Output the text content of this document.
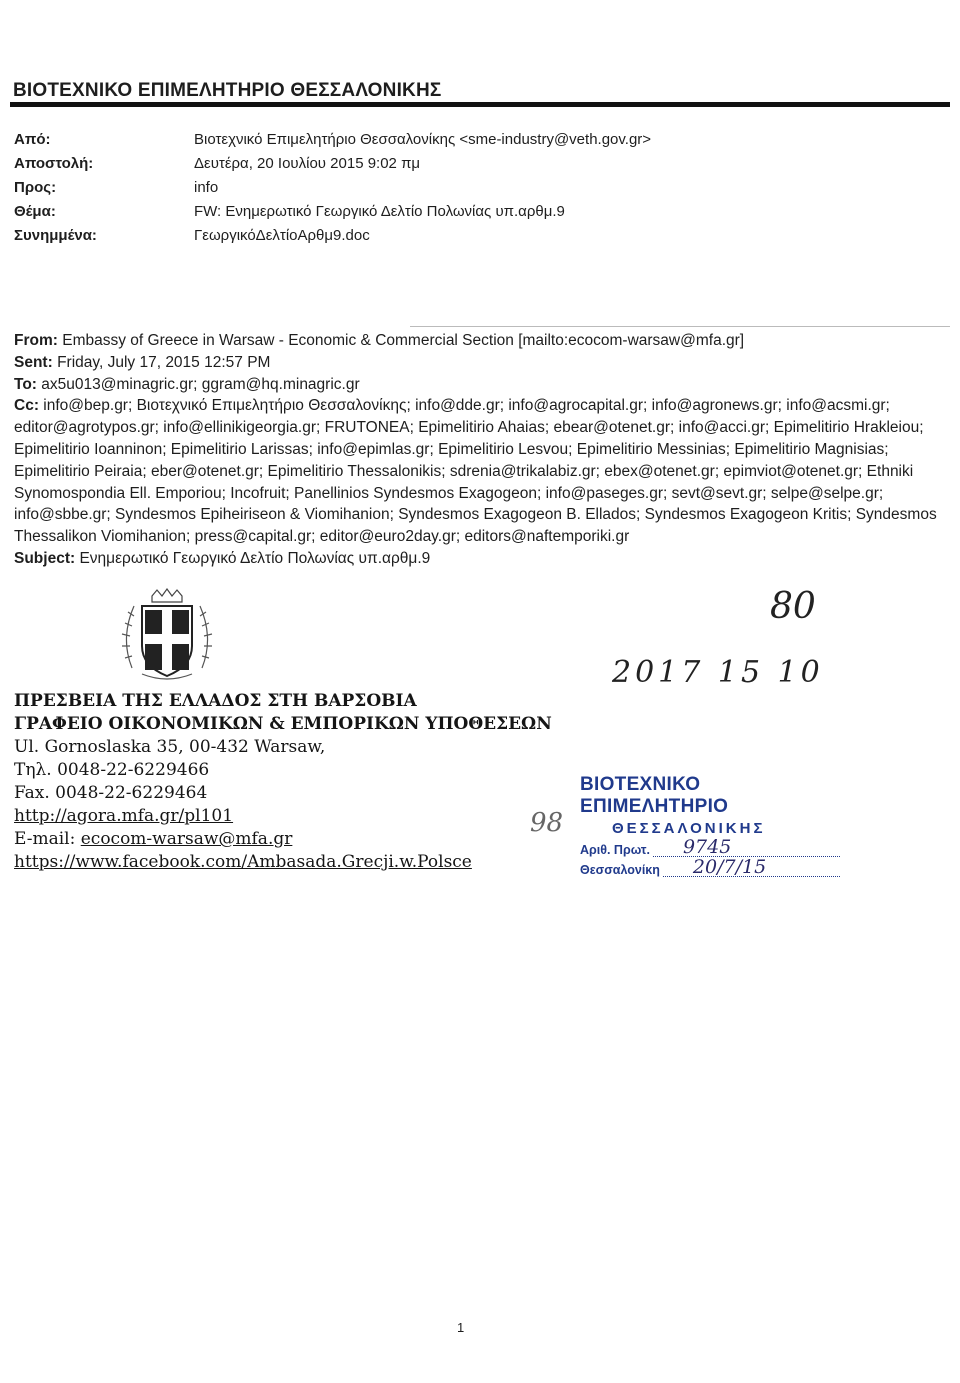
ΒΙΟΤΕΧΝΙΚΟ ΕΠΙΜΕΛΗΤΗΡΙΟ ΘΕΣΣΑΛΟΝΙΚΗΣ
Από:	Βιοτεχνικό Επιμελητήριο Θεσσαλονίκης <sme-industry@veth.gov.gr>
Αποστολή:	Δευτέρα, 20 Ιουλίου 2015 9:02 πμ
Προς:	info
Θέμα:	FW: Ενημερωτικό Γεωργικό Δελτίο Πολωνίας υπ.αρθμ.9
Συνημμένα:	ΓεωργικόΔελτίοΑρθμ9.doc

From: Embassy of Greece in Warsaw - Economic & Commercial Section [mailto:ecocom-warsaw@mfa.gr]

Sent: Friday, July 17, 2015 12:57 PM

To: ax5u013@minagric.gr; ggram@hq.minagric.gr

Cc: info@bep.gr; Βιοτεχνικό Επιμελητήριο Θεσσαλονίκης; info@dde.gr; info@agrocapital.gr; info@agronews.gr; info@acsmi.gr; editor@agrotypos.gr; info@ellinikigeorgia.gr; FRUTONEA; Epimelitirio Ahaias; ebear@otenet.gr; info@acci.gr; Epimelitirio Hrakleiou; Epimelitirio Ioanninon; Epimelitirio Larissas; info@epimlas.gr; Epimelitirio Lesvou; Epimelitirio Messinias; Epimelitirio Magnisias; Epimelitirio Peiraia; eber@otenet.gr; Epimelitirio Thessalonikis; sdrenia@trikalabiz.gr; ebex@otenet.gr; epimviot@otenet.gr; Ethniki Synomospondia Ell. Emporiou; Incofruit; Panellinios Syndesmos Exagogeon; info@paseges.gr; sevt@sevt.gr; selpe@selpe.gr; info@sbbe.gr; Syndesmos Epiheiriseon & Viomihanion; Syndesmos Exagogeon B. Ellados; Syndesmos Exagogeon Kritis; Syndesmos Thessalikon Viomihanion; press@capital.gr; editor@euro2day.gr; editors@naftemporiki.gr

Subject: Ενημερωτικό Γεωργικό Δελτίο Πολωνίας υπ.αρθμ.9

80
2017 15 10
98

ΠΡΕΣΒΕΙΑ ΤΗΣ ΕΛΛΑΔΟΣ ΣΤΗ ΒΑΡΣΟΒΙΑ

ΓΡΑΦΕΙΟ ΟΙΚΟΝΟΜΙΚΩΝ & ΕΜΠΟΡΙΚΩΝ ΥΠΟΘΕΣΕΩΝ

Ul. Gornoslaska 35, 00-432 Warsaw,

Τηλ. 0048-22-6229466

Fax. 0048-22-6229464

http://agora.mfa.gr/pl101

E-mail: ecocom-warsaw@mfa.gr

https://www.facebook.com/Ambasada.Grecji.w.Polsce

ΒΙΟΤΕΧΝΙΚΟ ΕΠΙΜΕΛΗΤΗΡΙΟ
ΘΕΣΣΑΛΟΝΙΚΗΣ
Αριθ. Πρωτ. 9745
Θεσσαλονίκη 20/7/15
1
